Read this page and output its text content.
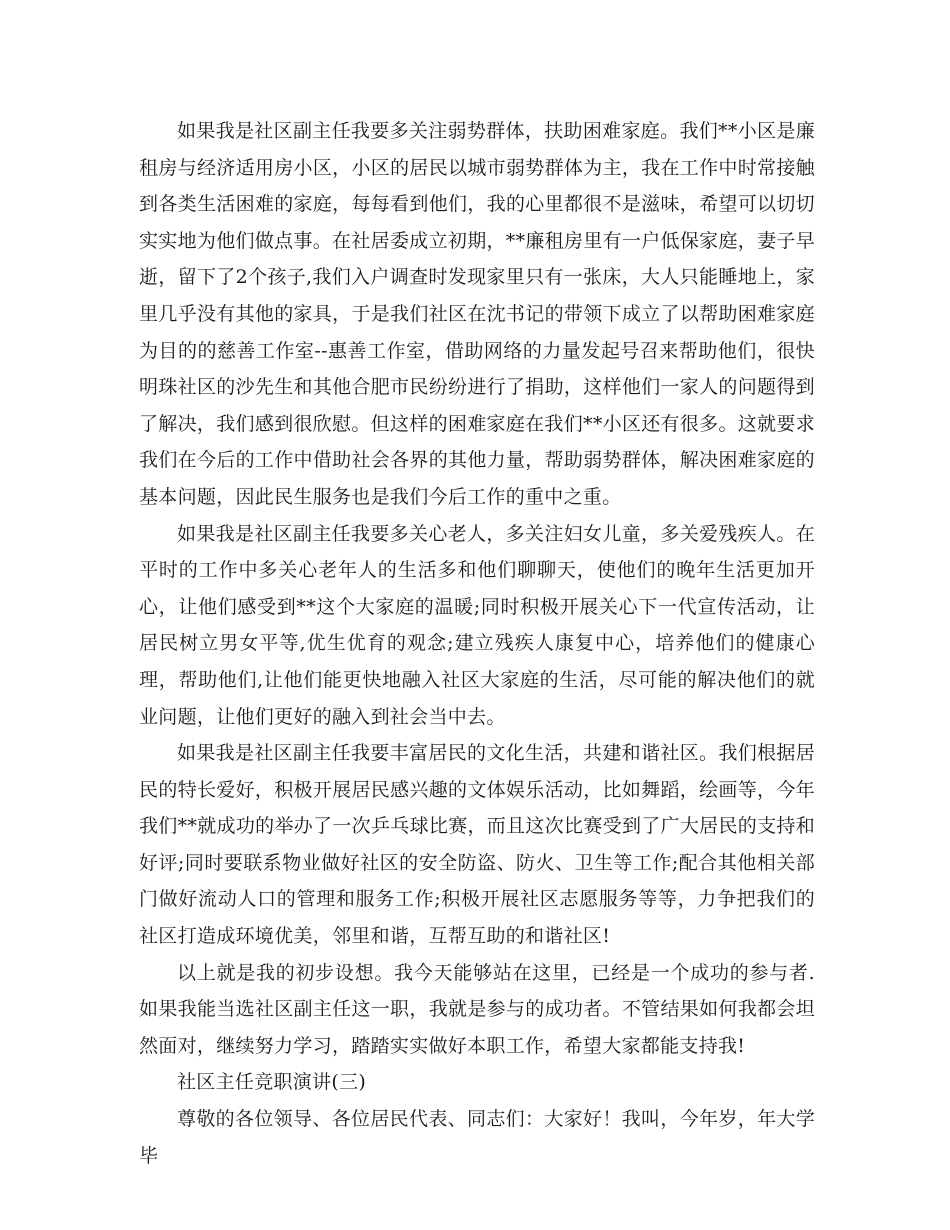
如果我是社区副主任我要多关注弱势群体，扶助困难家庭。我们**小区是廉租房与经济适用房小区，小区的居民以城市弱势群体为主，我在工作中时常接触到各类生活困难的家庭，每每看到他们，我的心里都很不是滋味，希望可以切切实实地为他们做点事。在社居委成立初期，**廉租房里有一户低保家庭，妻子早逝，留下了2个孩子,我们入户调查时发现家里只有一张床，大人只能睡地上，家里几乎没有其他的家具，于是我们社区在沈书记的带领下成立了以帮助困难家庭为目的的慈善工作室--惠善工作室，借助网络的力量发起号召来帮助他们，很快明珠社区的沙先生和其他合肥市民纷纷进行了捐助，这样他们一家人的问题得到了解决，我们感到很欣慰。但这样的困难家庭在我们**小区还有很多。这就要求我们在今后的工作中借助社会各界的其他力量，帮助弱势群体，解决困难家庭的基本问题，因此民生服务也是我们今后工作的重中之重。

如果我是社区副主任我要多关心老人，多关注妇女儿童，多关爱残疾人。在平时的工作中多关心老年人的生活多和他们聊聊天，使他们的晚年生活更加开心，让他们感受到**这个大家庭的温暖;同时积极开展关心下一代宣传活动，让居民树立男女平等,优生优育的观念;建立残疾人康复中心，培养他们的健康心理，帮助他们,让他们能更快地融入社区大家庭的生活，尽可能的解决他们的就业问题，让他们更好的融入到社会当中去。

如果我是社区副主任我要丰富居民的文化生活，共建和谐社区。我们根据居民的特长爱好，积极开展居民感兴趣的文体娱乐活动，比如舞蹈，绘画等，今年我们**就成功的举办了一次乒乓球比赛，而且这次比赛受到了广大居民的支持和好评;同时要联系物业做好社区的安全防盗、防火、卫生等工作;配合其他相关部门做好流动人口的管理和服务工作;积极开展社区志愿服务等等，力争把我们的社区打造成环境优美，邻里和谐，互帮互助的和谐社区!

以上就是我的初步设想。我今天能够站在这里，已经是一个成功的参与者.如果我能当选社区副主任这一职，我就是参与的成功者。不管结果如何我都会坦然面对，继续努力学习，踏踏实实做好本职工作，希望大家都能支持我!

社区主任竞职演讲(三)

尊敬的各位领导、各位居民代表、同志们：大家好！我叫，今年岁，年大学毕
